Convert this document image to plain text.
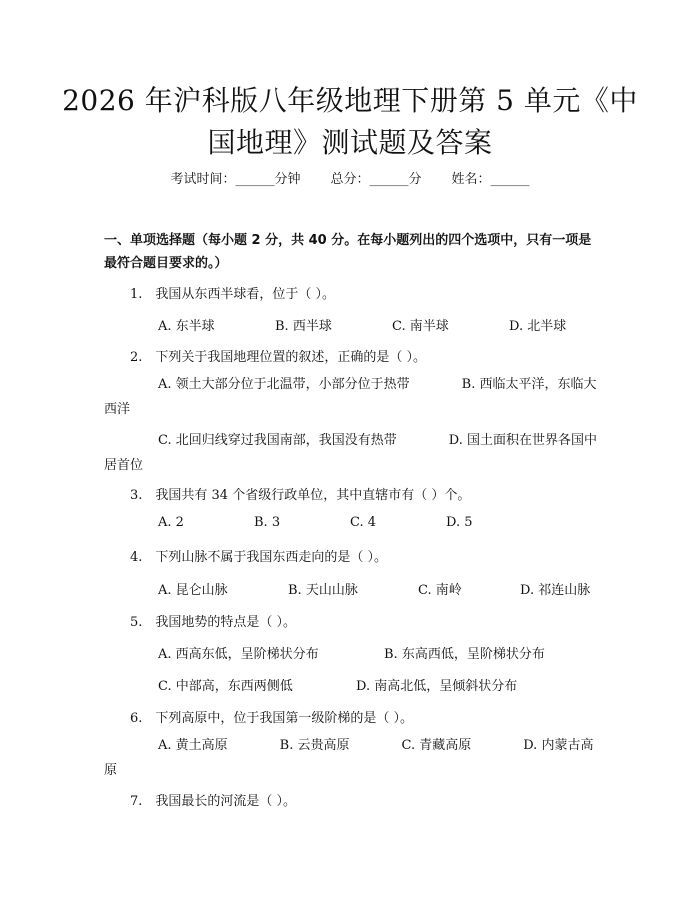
2026 年沪科版八年级地理下册第 5 单元《中
国地理》测试题及答案
考试时间：______分钟 总分：______分 姓名：______
一、单项选择题（每小题 2 分，共 40 分。在每小题列出的四个选项中，只有一项是最符合题目要求的。）
1.　我国从东西半球看，位于（ ）。
A. 东半球	B. 西半球	C. 南半球	D. 北半球
2.　下列关于我国地理位置的叙述，正确的是（ ）。
A. 领土大部分位于北温带，小部分位于热带　　　　B. 西临太平洋，东临大西洋
C. 北回归线穿过我国南部，我国没有热带　　　　D. 国土面积在世界各国中居首位
3.　我国共有 34 个省级行政单位，其中直辖市有（ ）个。
A. 2	B. 3	C. 4	D. 5
4.　下列山脉不属于我国东西走向的是（ ）。
A. 昆仑山脉	B. 天山山脉	C. 南岭	D. 祁连山脉
5.　我国地势的特点是（ ）。
A. 西高东低，呈阶梯状分布	B. 东高西低，呈阶梯状分布
C. 中部高，东西两侧低	D. 南高北低，呈倾斜状分布
6.　下列高原中，位于我国第一级阶梯的是（ ）。
A. 黄土高原　　　　B. 云贵高原　　　　C. 青藏高原　　　　D. 内蒙古高原
7.　我国最长的河流是（ ）。
